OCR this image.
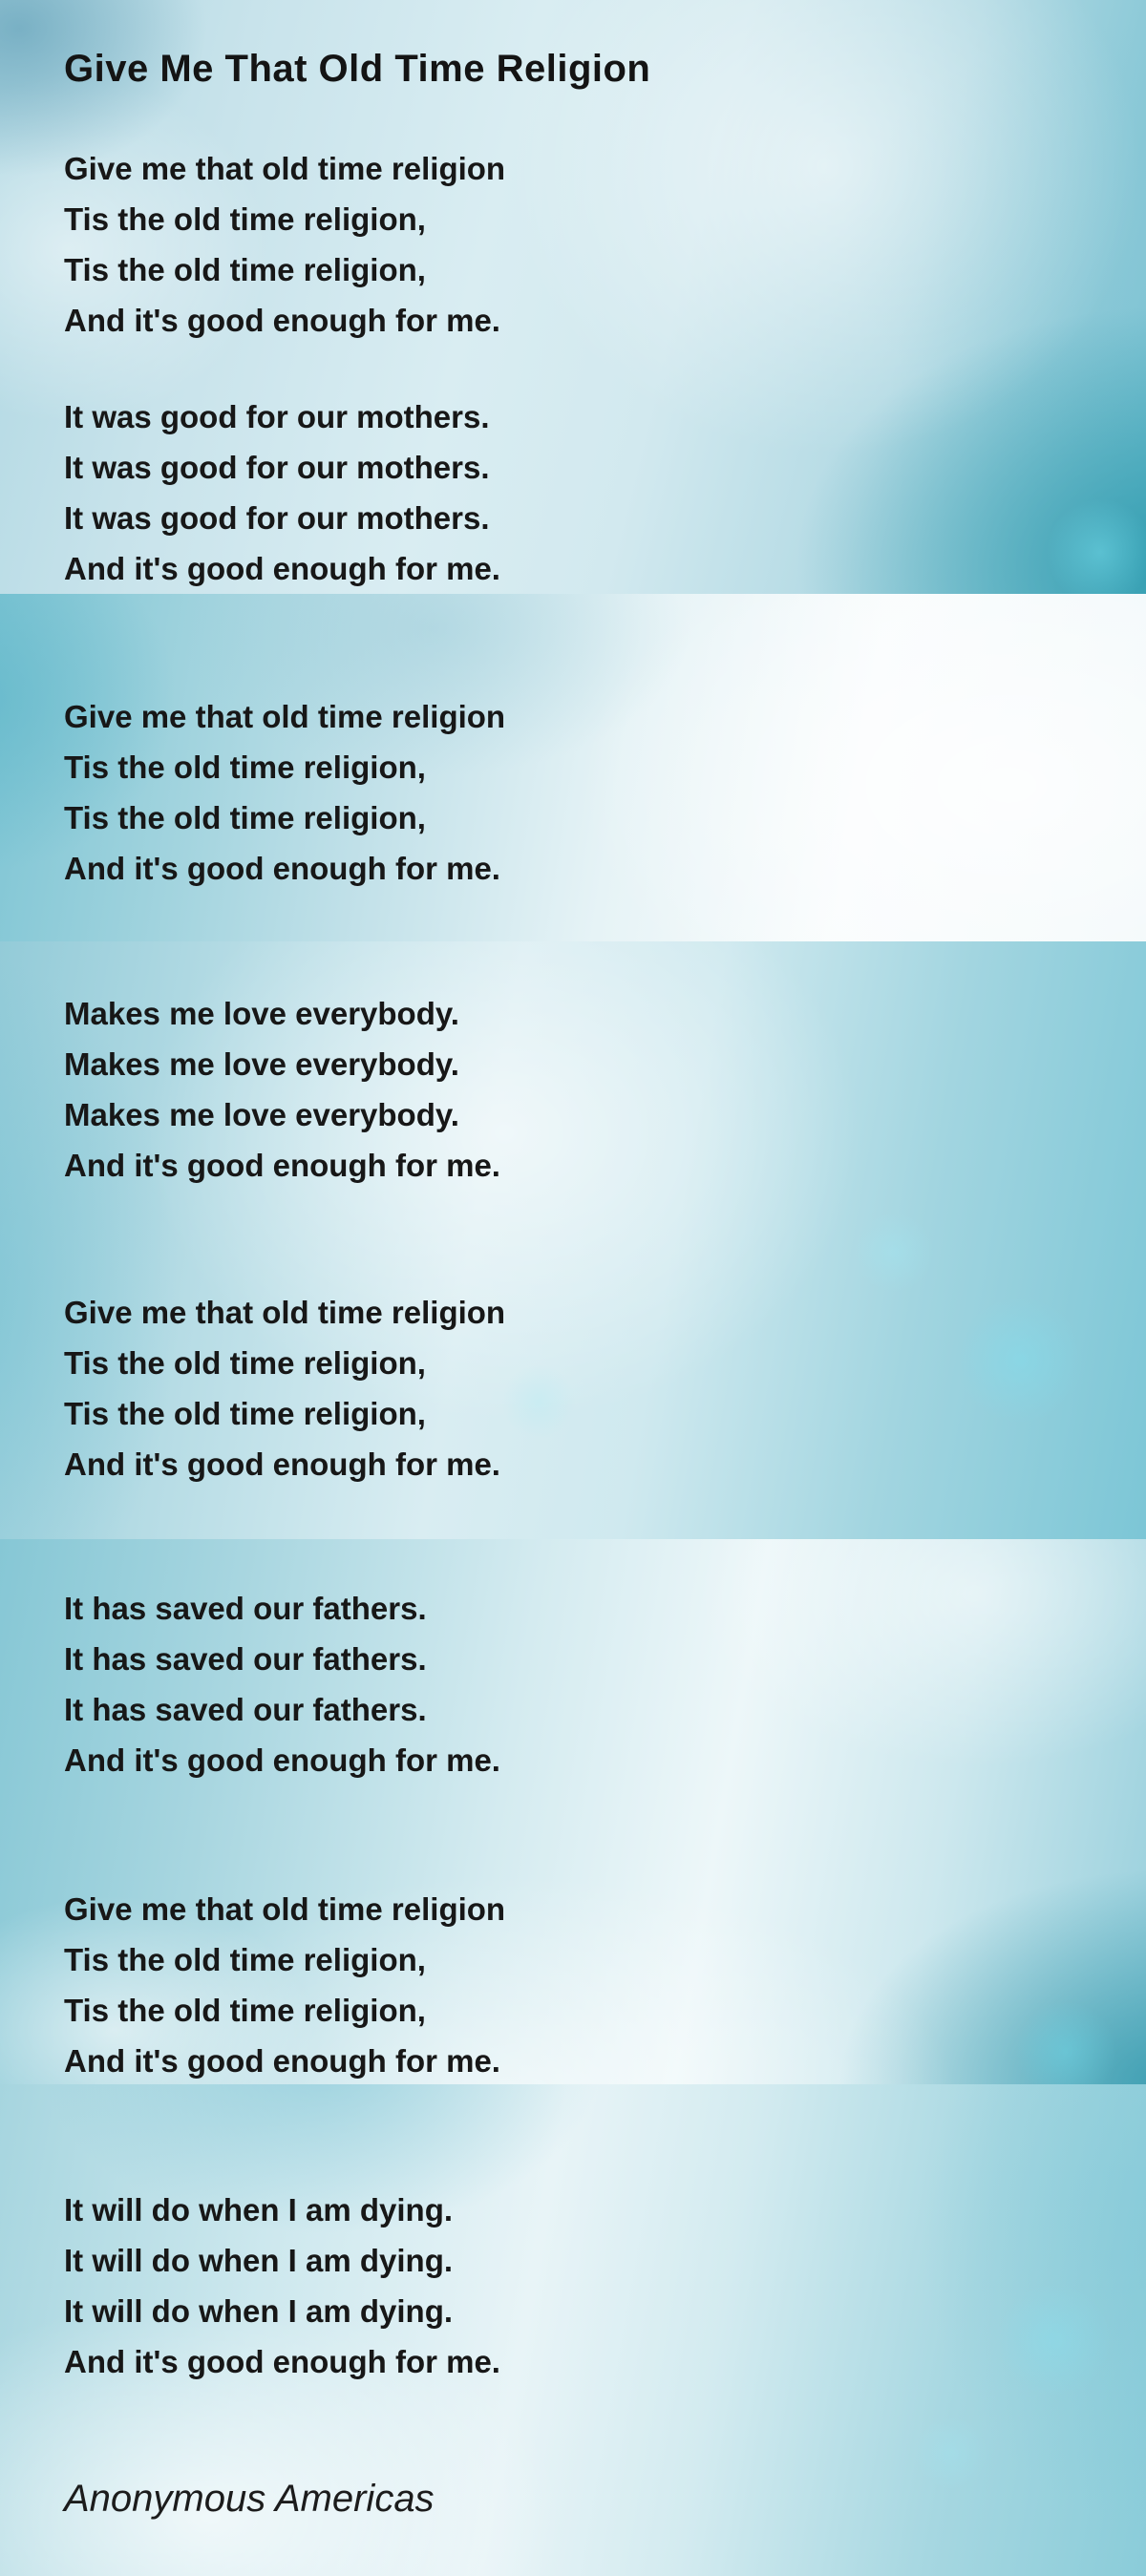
Give Me That Old Time Religion
Give me that old time religion
Tis the old time religion,
Tis the old time religion,
And it's good enough for me.
It was good for our mothers.
It was good for our mothers.
It was good for our mothers.
And it's good enough for me.
Give me that old time religion
Tis the old time religion,
Tis the old time religion,
And it's good enough for me.
Makes me love everybody.
Makes me love everybody.
Makes me love everybody.
And it's good enough for me.
Give me that old time religion
Tis the old time religion,
Tis the old time religion,
And it's good enough for me.
It has saved our fathers.
It has saved our fathers.
It has saved our fathers.
And it's good enough for me.
Give me that old time religion
Tis the old time religion,
Tis the old time religion,
And it's good enough for me.
It will do when I am dying.
It will do when I am dying.
It will do when I am dying.
And it's good enough for me.

Anonymous Americas
